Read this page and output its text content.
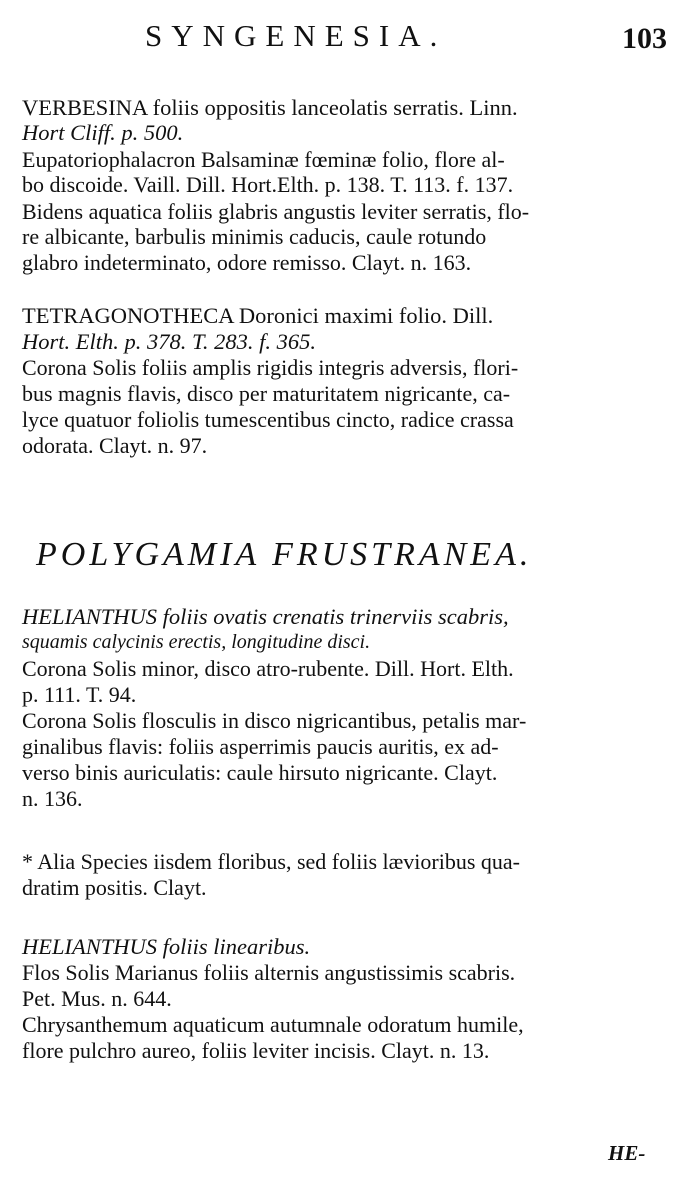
SYNGENESIA.	103
VERBESINA foliis oppositis lanceolatis serratis. Linn.
Hort Cliff. p. 500.
Eupatoriophalacron Balsaminæ fœminæ folio, flore al-
bo discoide. Vaill. Dill. Hort.Elth. p. 138. T. 113. f. 137.
Bidens aquatica foliis glabris angustis leviter serratis, flo-
re albicante, barbulis minimis caducis, caule rotundo
glabro indeterminato, odore remisso. Clayt. n. 163.
TETRAGONOTHECA Doronici maximi folio. Dill.
Hort. Elth. p. 378. T. 283. f. 365.
Corona Solis foliis amplis rigidis integris adversis, flori-
bus magnis flavis, disco per maturitatem nigricante, ca-
lyce quatuor foliolis tumescentibus cincto, radice crassa
odorata. Clayt. n. 97.
POLYGAMIA FRUSTRANEA.
HELIANTHUS foliis ovatis crenatis trinerviis scabris,
squamis calycinis erectis, longitudine disci.
Corona Solis minor, disco atro-rubente. Dill. Hort. Elth.
p. 111. T. 94.
Corona Solis flosculis in disco nigricantibus, petalis mar-
ginalibus flavis: foliis asperrimis paucis auritis, ex ad-
verso binis auriculatis: caule hirsuto nigricante. Clayt.
n. 136.
* Alia Species iisdem floribus, sed foliis lævioribus qua-
dratim positis. Clayt.
HELIANTHUS foliis linearibus.
Flos Solis Marianus foliis alternis angustissimis scabris.
Pet. Mus. n. 644.
Chrysanthemum aquaticum autumnale odoratum humile,
flore pulchro aureo, foliis leviter incisis. Clayt. n. 13.
HE-
